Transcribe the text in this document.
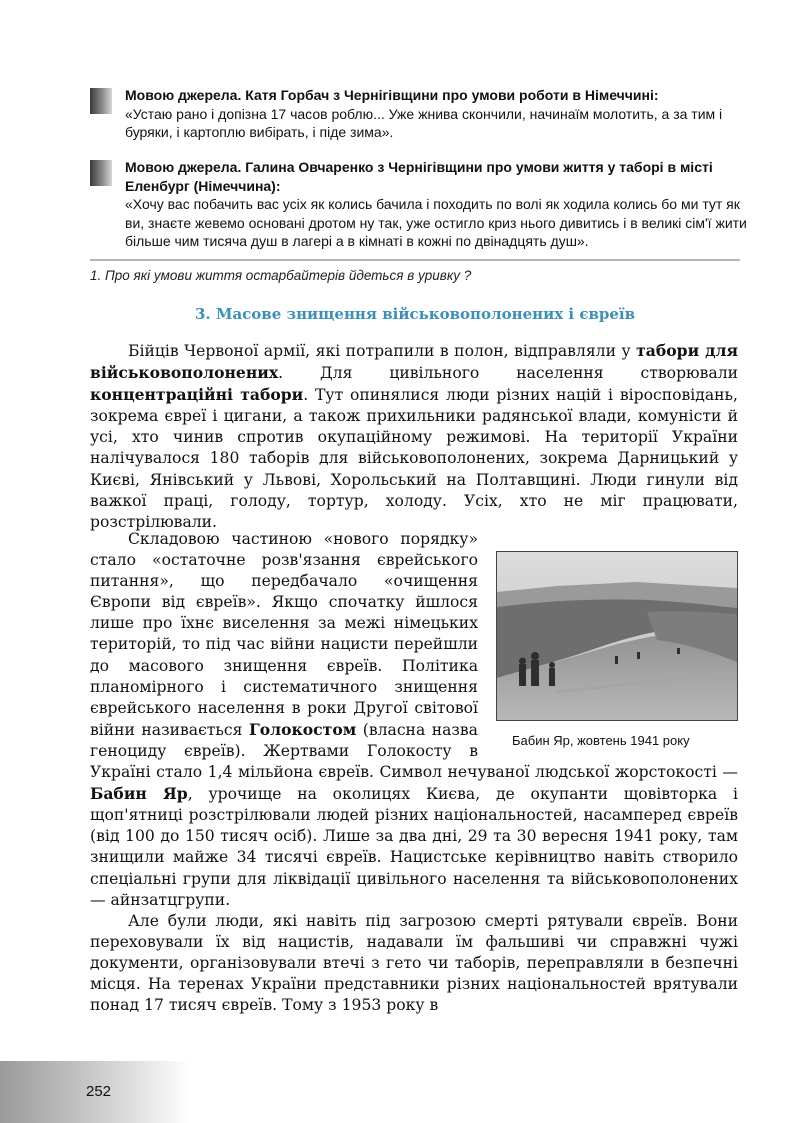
Мовою джерела. Катя Горбач з Чернігівщини про умови роботи в Німеччині:
«Устаю рано і допізна 17 часов роблю... Уже жнива скончили, начинаїм молотить, а за тим і буряки, і картоплю вибірать, і піде зима».
Мовою джерела. Галина Овчаренко з Чернігівщини про умови життя у таборі в місті Еленбург (Німеччина):
«Хочу вас побачить вас усіх як колись бачила і походить по волі як ходила колись бо ми тут як ви, знаєте жевемо основані дротом ну так, уже остигло криз нього дивитись і в великі сім'ї жити більше чим тисяча душ в лагері а в кімнаті в кожні по двінадцять душ».
1. Про які умови життя остарбайтерів йдеться в уривку ?
3. Масове знищення військовополонених і євреїв

Бійців Червоної армії, які потрапили в полон, відправляли у табори для військовополонених. Для цивільного населення створювали концентраційні табори. Тут опинялися люди різних націй і віросповідань, зокрема євреї і цигани, а також прихильники радянської влади, комуністи й усі, хто чинив спротив окупаційному режимові. На території України налічувалося 180 таборів для військовополонених, зокрема Дарницький у Києві, Янівський у Львові, Хорольський на Полтавщині. Люди гинули від важкої праці, голоду, тортур, холоду. Усіх, хто не міг працювати, розстрілювали.

Бабин Яр, жовтень 1941 року

Складовою частиною «нового порядку» стало «остаточне розв'язання єврейського питання», що передбачало «очищення Європи від євреїв». Якщо спочатку йшлося лише про їхнє виселення за межі німецьких територій, то під час війни нацисти перейшли до масового знищення євреїв. Політика планомірного і систематичного знищення єврейського населення в роки Другої світової війни називається Голокостом (власна назва геноциду євреїв). Жертвами Голокосту в Україні стало 1,4 мільйона євреїв. Символ нечуваної людської жорстокості — Бабин Яр, урочище на околицях Києва, де окупанти щовівторка і щоп'ятниці розстрілювали людей різних національностей, насамперед євреїв (від 100 до 150 тисяч осіб). Лише за два дні, 29 та 30 вересня 1941 року, там знищили майже 34 тисячі євреїв. Нацистське керівництво навіть створило спеціальні групи для ліквідації цивільного населення та військовополонених — айнзатцгрупи.

Але були люди, які навіть під загрозою смерті рятували євреїв. Вони переховували їх від нацистів, надавали їм фальшиві чи справжні чужі документи, організовували втечі з гето чи таборів, переправляли в безпечні місця. На теренах України представники різних національностей врятували понад 17 тисяч євреїв. Тому з 1953 року в

252
